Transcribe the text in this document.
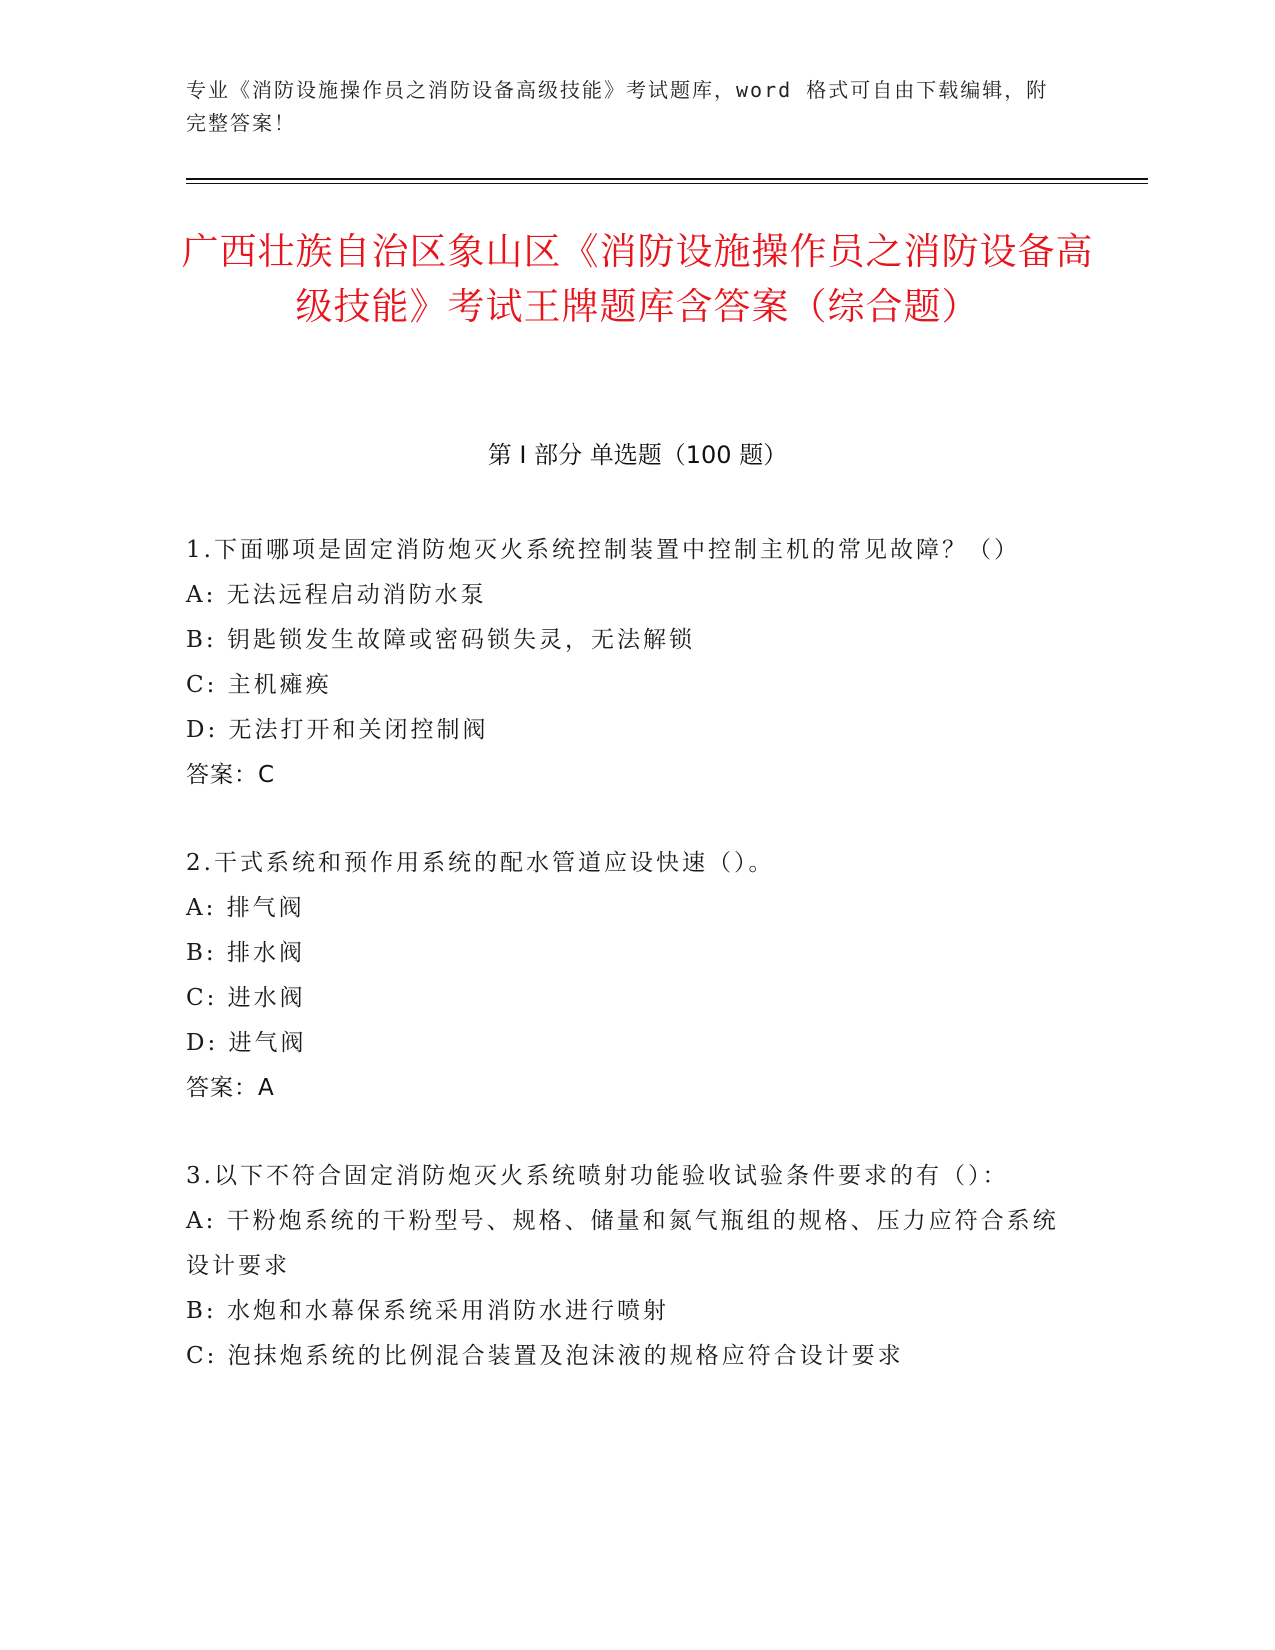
专业《消防设施操作员之消防设备高级技能》考试题库，word 格式可自由下载编辑，附完整答案！
广西壮族自治区象山区《消防设施操作员之消防设备高级技能》考试王牌题库含答案（综合题）
第 I 部分 单选题（100 题）
1.下面哪项是固定消防炮灭火系统控制装置中控制主机的常见故障？（）
A: 无法远程启动消防水泵
B: 钥匙锁发生故障或密码锁失灵，无法解锁
C: 主机瘫痪
D: 无法打开和关闭控制阀
答案：C
2.干式系统和预作用系统的配水管道应设快速（）。
A: 排气阀
B: 排水阀
C: 进水阀
D: 进气阀
答案：A
3.以下不符合固定消防炮灭火系统喷射功能验收试验条件要求的有（）：
A: 干粉炮系统的干粉型号、规格、储量和氮气瓶组的规格、压力应符合系统设计要求
B: 水炮和水幕保系统采用消防水进行喷射
C: 泡抹炮系统的比例混合装置及泡沫液的规格应符合设计要求
